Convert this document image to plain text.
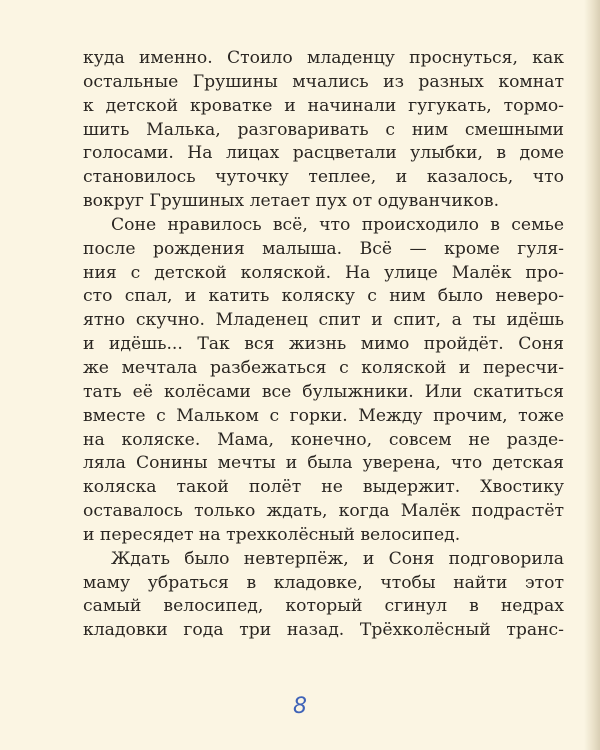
куда именно. Стоило младенцу проснуться, как
остальные Грушины мчались из разных комнат
к детской кроватке и начинали гугукать, тормо-
шить Малька, разговаривать с ним смешными
голосами. На лицах расцветали улыбки, в доме
становилось чуточку теплее, и казалось, что
вокруг Грушиных летает пух от одуванчиков.
Соне нравилось всё, что происходило в семье
после рождения малыша. Всё — кроме гуля-
ния с детской коляской. На улице Малёк про-
сто спал, и катить коляску с ним было неверо-
ятно скучно. Младенец спит и спит, а ты идёшь
и идёшь... Так вся жизнь мимо пройдёт. Соня
же мечтала разбежаться с коляской и пересчи-
тать её колёсами все булыжники. Или скатиться
вместе с Мальком с горки. Между прочим, тоже
на коляске. Мама, конечно, совсем не разде-
ляла Сонины мечты и была уверена, что детская
коляска такой полёт не выдержит. Хвостику
оставалось только ждать, когда Малёк подрастёт
и пересядет на трехколёсный велосипед.
Ждать было невтерпёж, и Соня подговорила
маму убраться в кладовке, чтобы найти этот
самый велосипед, который сгинул в недрах
кладовки года три назад. Трёхколёсный транс-
8
